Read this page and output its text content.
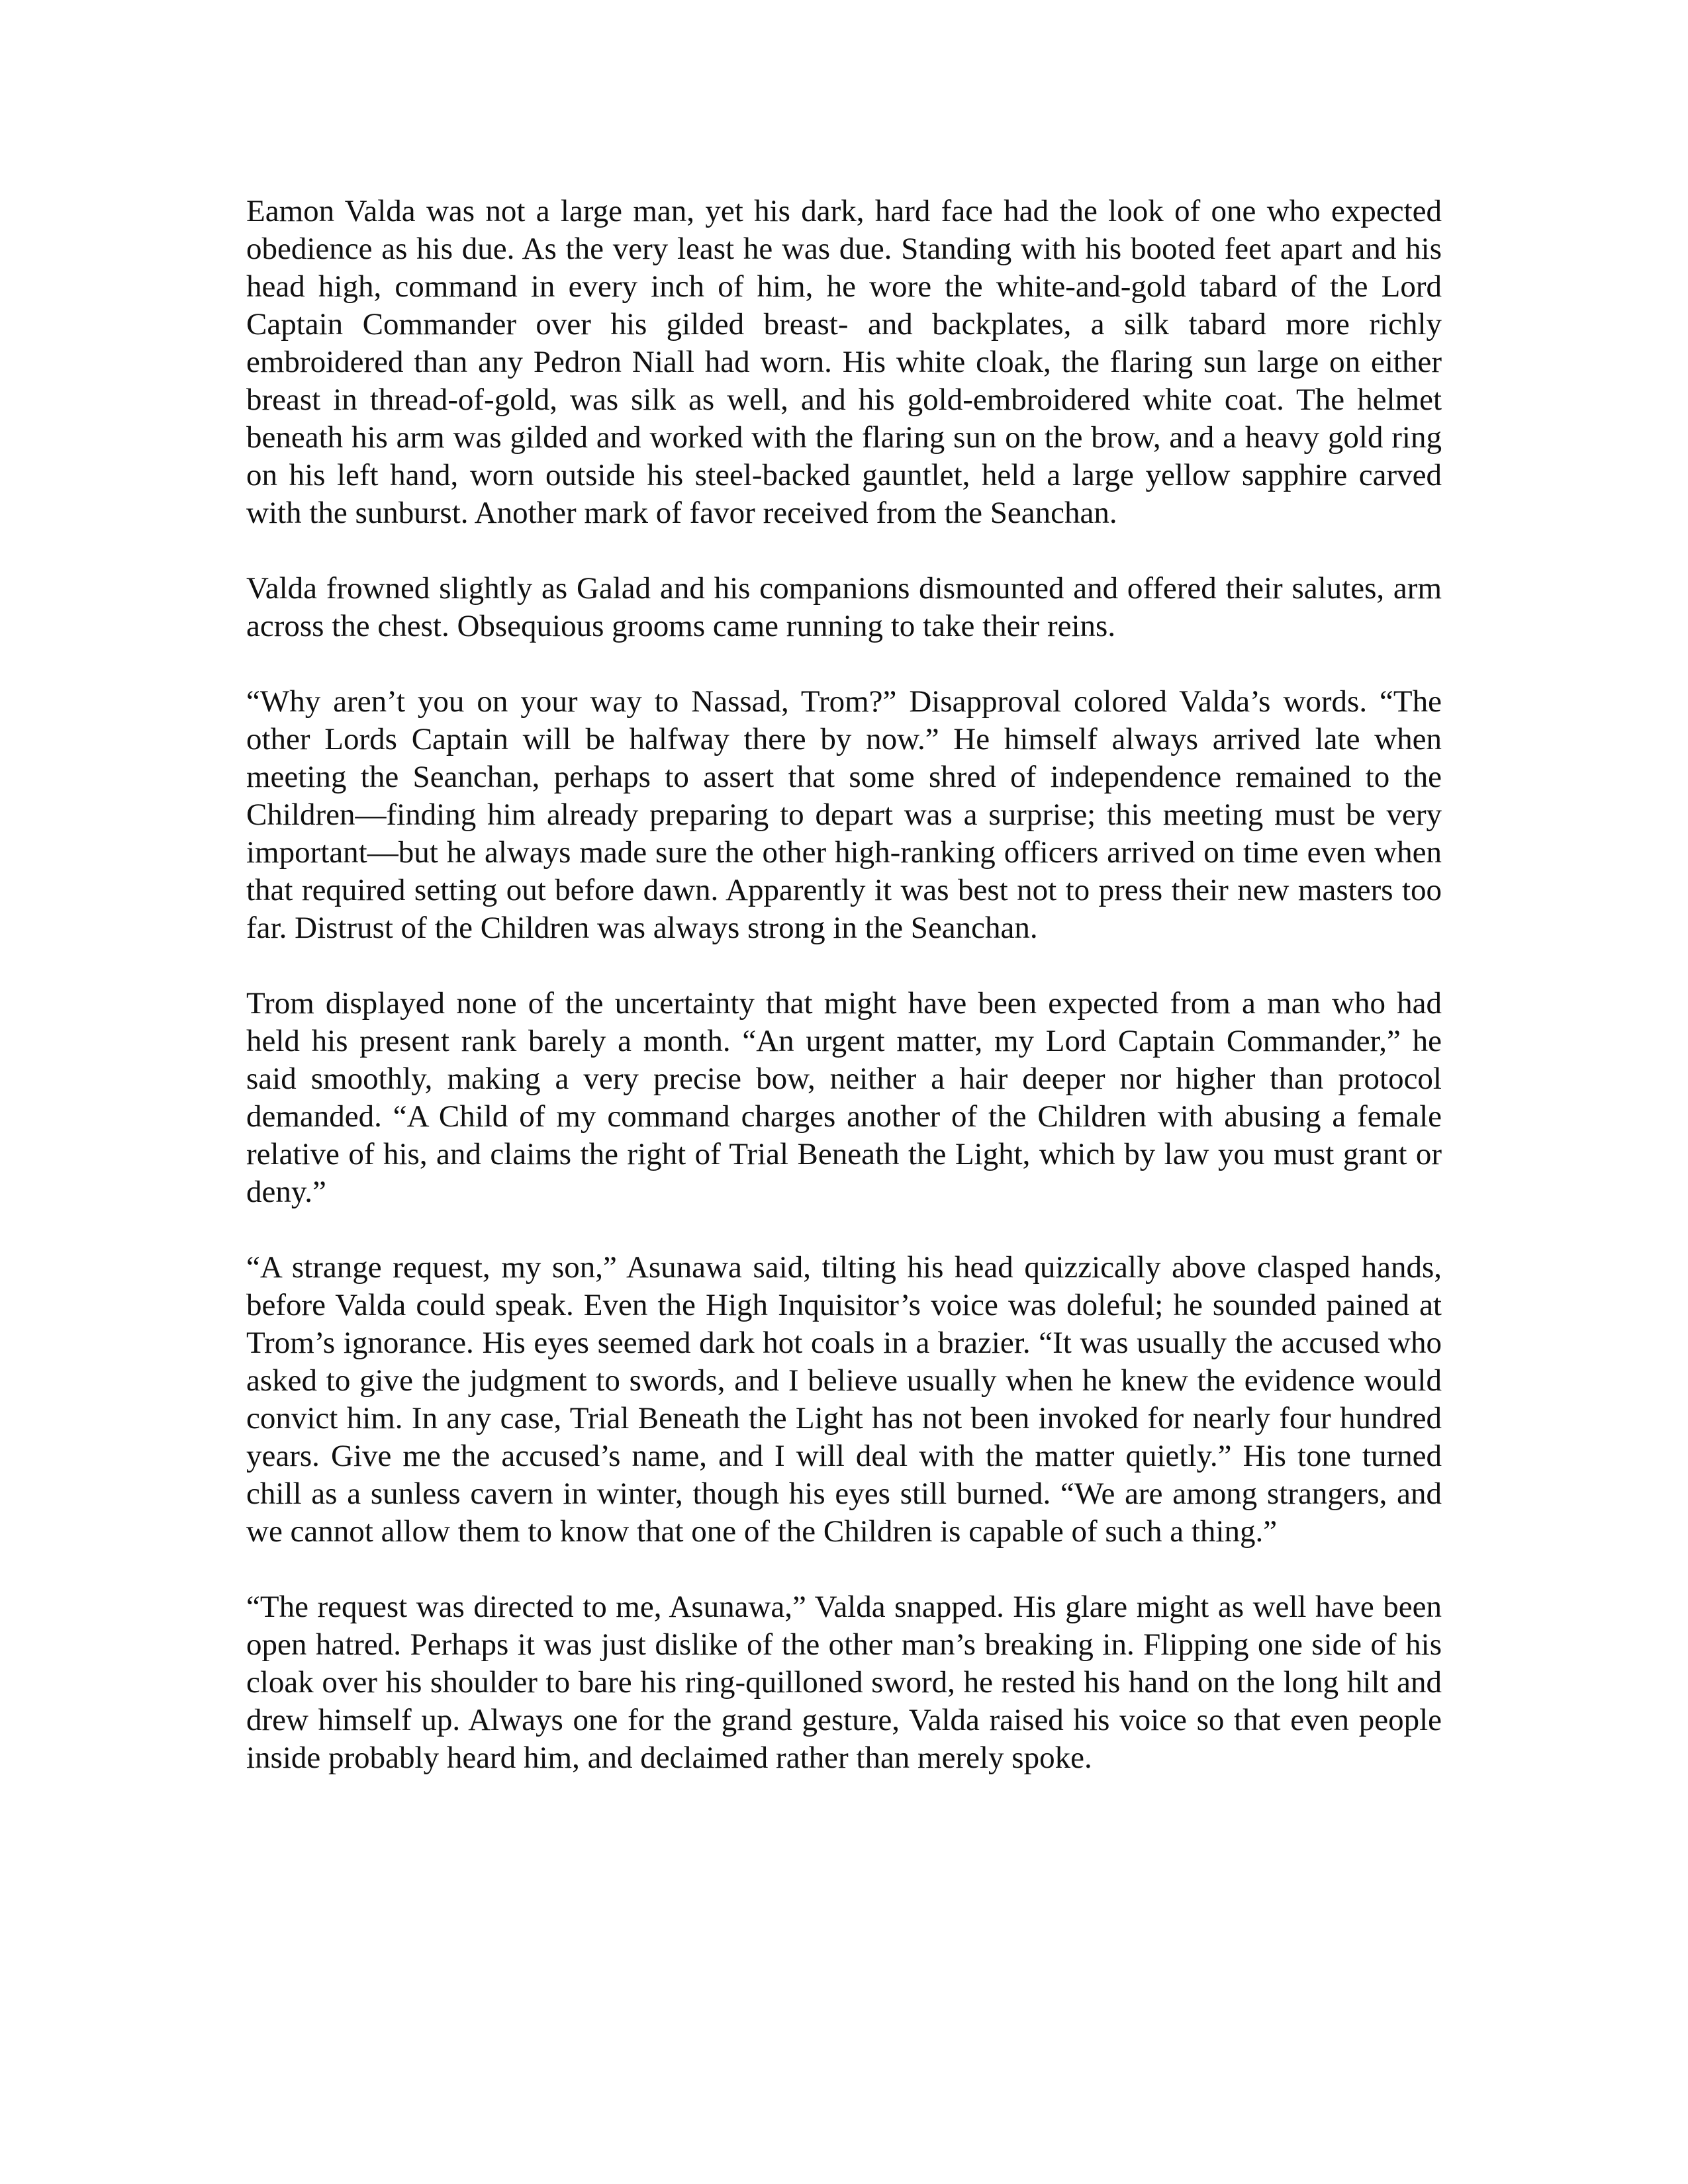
Eamon Valda was not a large man, yet his dark, hard face had the look of one who expected obedience as his due. As the very least he was due. Standing with his booted feet apart and his head high, command in every inch of him, he wore the white-and-gold tabard of the Lord Captain Commander over his gilded breast- and backplates, a silk tabard more richly embroidered than any Pedron Niall had worn. His white cloak, the flaring sun large on either breast in thread-of-gold, was silk as well, and his gold-embroidered white coat. The helmet beneath his arm was gilded and worked with the flaring sun on the brow, and a heavy gold ring on his left hand, worn outside his steel-backed gauntlet, held a large yellow sapphire carved with the sunburst. Another mark of favor received from the Seanchan.

Valda frowned slightly as Galad and his companions dismounted and offered their salutes, arm across the chest. Obsequious grooms came running to take their reins.

“Why aren’t you on your way to Nassad, Trom?” Disapproval colored Valda’s words. “The other Lords Captain will be halfway there by now.” He himself always arrived late when meeting the Seanchan, perhaps to assert that some shred of independence remained to the Children—finding him already preparing to depart was a surprise; this meeting must be very important—but he always made sure the other high-ranking officers arrived on time even when that required setting out before dawn. Apparently it was best not to press their new masters too far. Distrust of the Children was always strong in the Seanchan.

Trom displayed none of the uncertainty that might have been expected from a man who had held his present rank barely a month. “An urgent matter, my Lord Captain Commander,” he said smoothly, making a very precise bow, neither a hair deeper nor higher than protocol demanded. “A Child of my command charges another of the Children with abusing a female relative of his, and claims the right of Trial Beneath the Light, which by law you must grant or deny.”

“A strange request, my son,” Asunawa said, tilting his head quizzically above clasped hands, before Valda could speak. Even the High Inquisitor’s voice was doleful; he sounded pained at Trom’s ignorance. His eyes seemed dark hot coals in a brazier. “It was usually the accused who asked to give the judgment to swords, and I believe usually when he knew the evidence would convict him. In any case, Trial Beneath the Light has not been invoked for nearly four hundred years. Give me the accused’s name, and I will deal with the matter quietly.” His tone turned chill as a sunless cavern in winter, though his eyes still burned. “We are among strangers, and we cannot allow them to know that one of the Children is capable of such a thing.”

“The request was directed to me, Asunawa,” Valda snapped. His glare might as well have been open hatred. Perhaps it was just dislike of the other man’s breaking in. Flipping one side of his cloak over his shoulder to bare his ring-quilloned sword, he rested his hand on the long hilt and drew himself up. Always one for the grand gesture, Valda raised his voice so that even people inside probably heard him, and declaimed rather than merely spoke.
